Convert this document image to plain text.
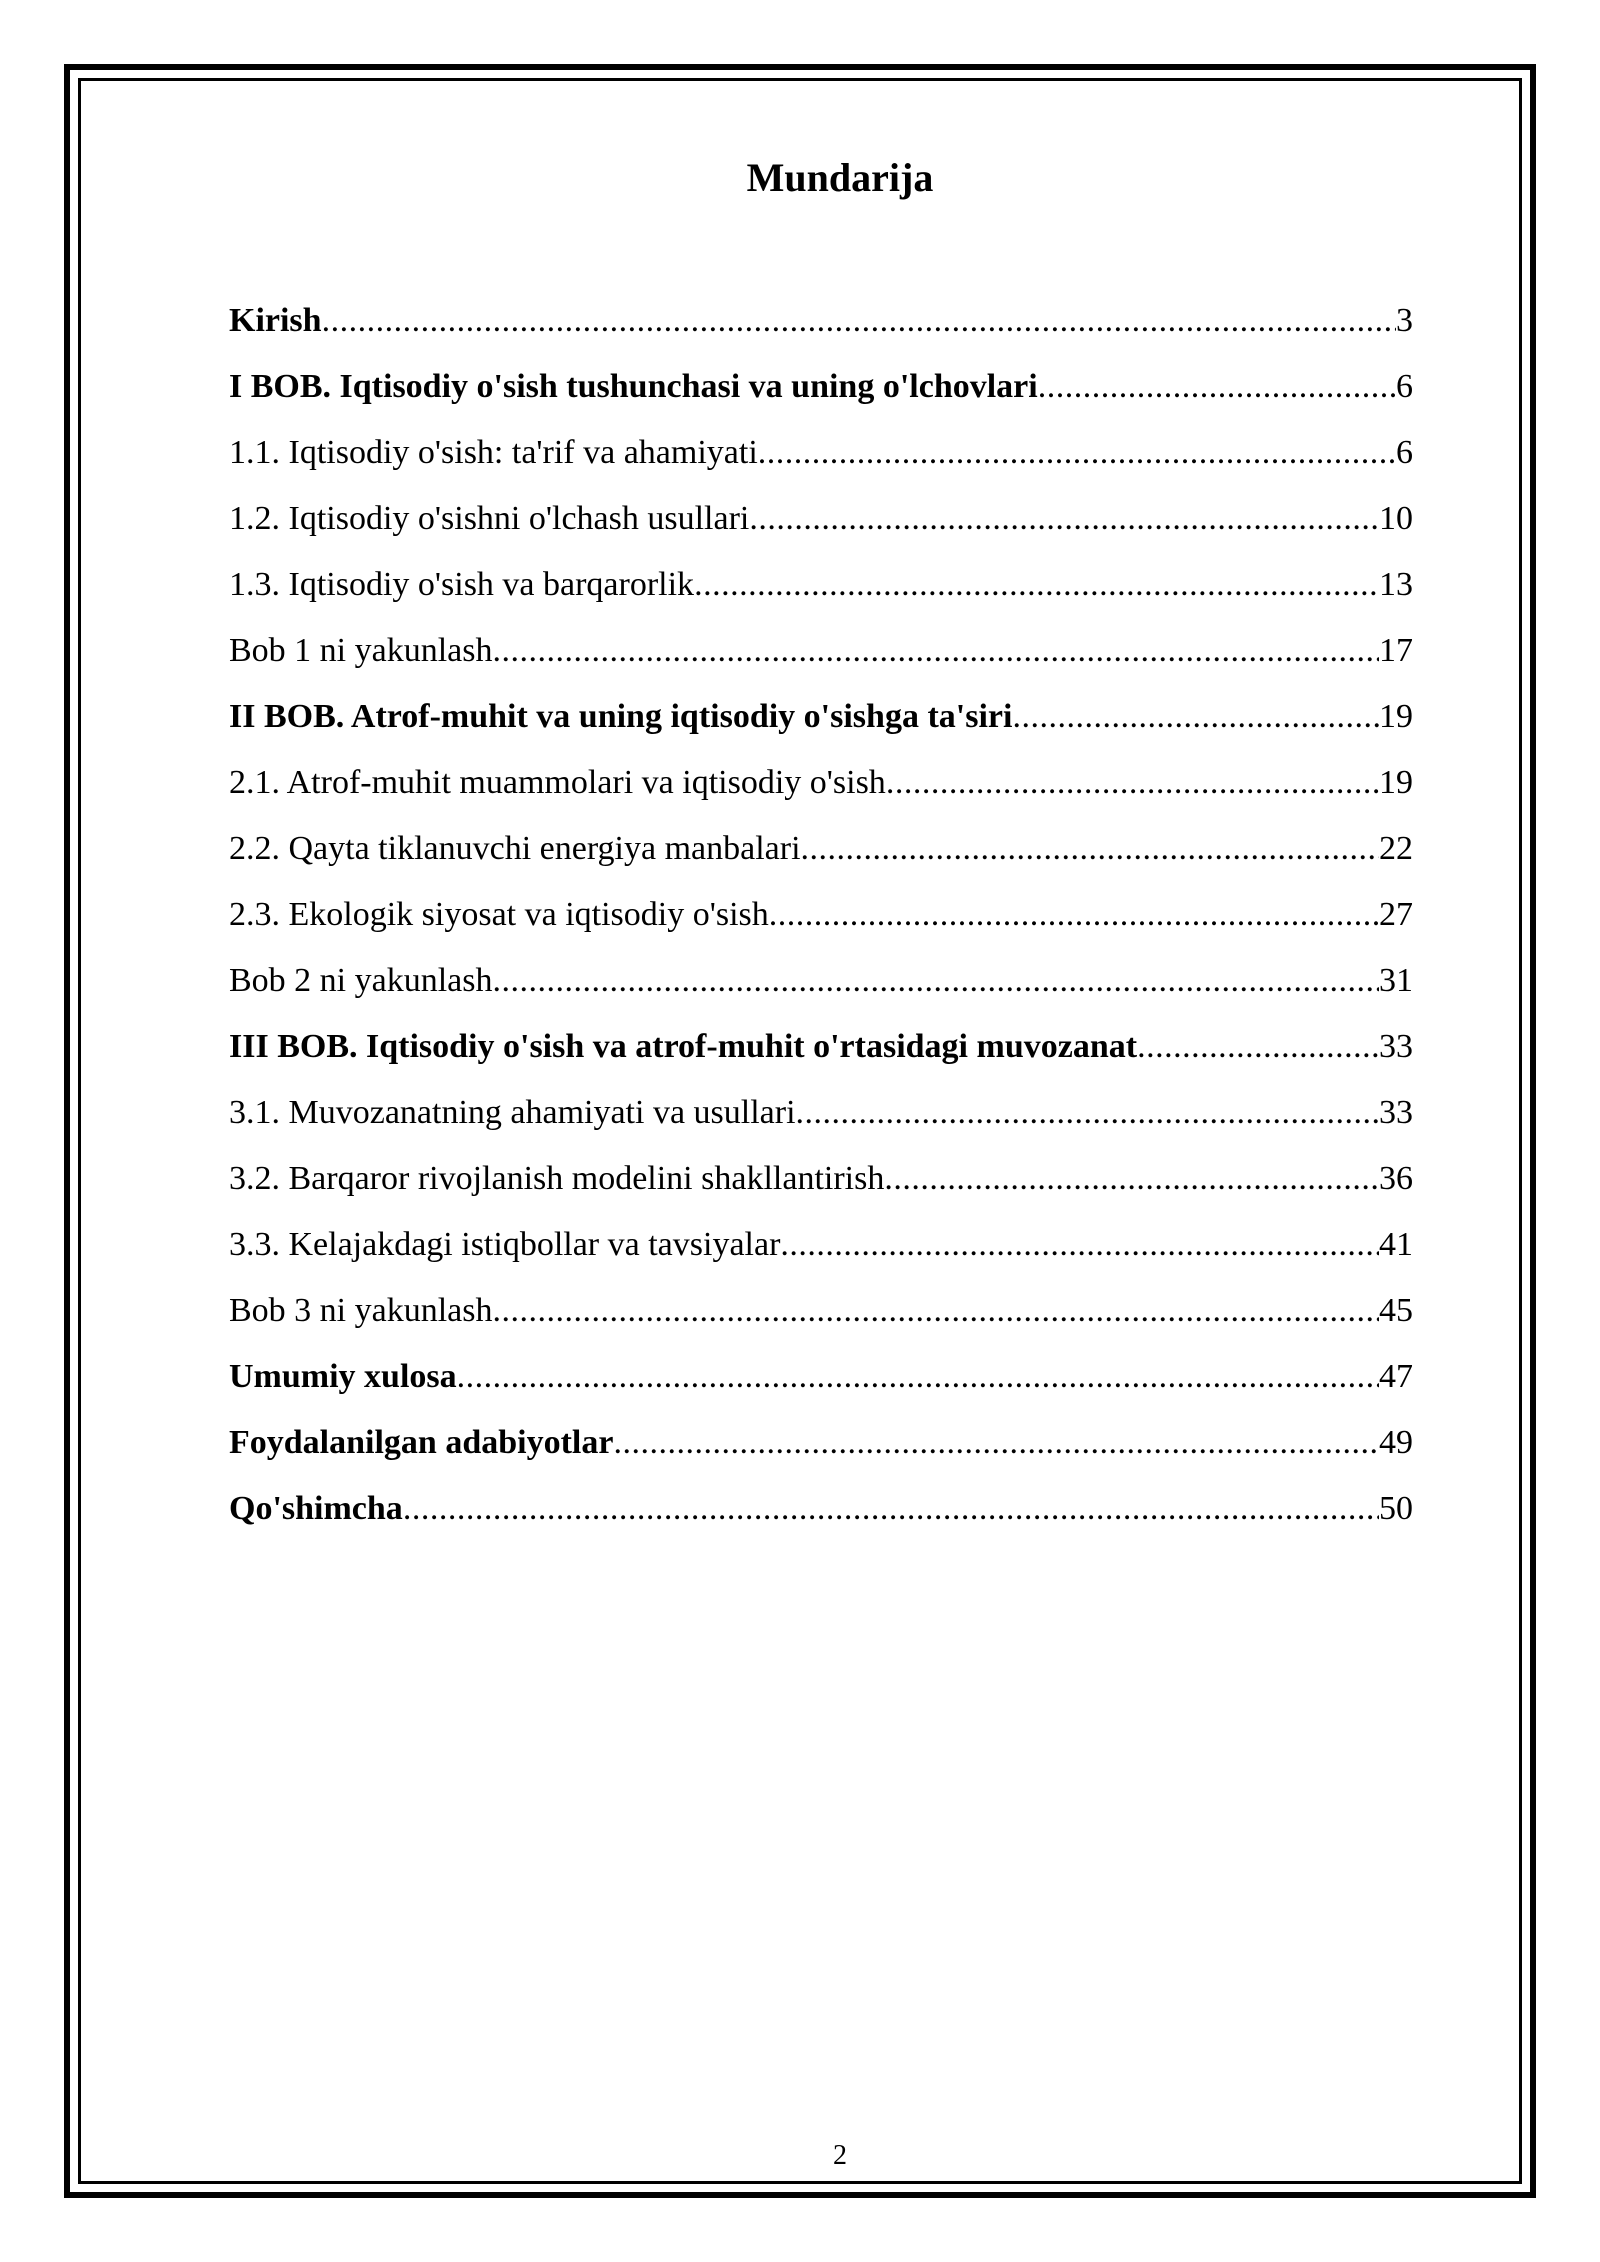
Mundarija
Kirish .....	3
I BOB. Iqtisodiy o'sish tushunchasi va uning o'lchovlari .....	6
1.1. Iqtisodiy o'sish: ta'rif va ahamiyati .....	6
1.2. Iqtisodiy o'sishni o'lchash usullari .....	10
1.3. Iqtisodiy o'sish va barqarorlik .....	13
Bob 1 ni yakunlash .....	17
II BOB. Atrof-muhit va uning iqtisodiy o'sishga ta'siri .....	19
2.1. Atrof-muhit muammolari va iqtisodiy o'sish .....	19
2.2. Qayta tiklanuvchi energiya manbalari .....	22
2.3. Ekologik siyosat va iqtisodiy o'sish .....	27
Bob 2 ni yakunlash .....	31
III BOB. Iqtisodiy o'sish va atrof-muhit o'rtasidagi muvozanat .....	33
3.1. Muvozanatning ahamiyati va usullari .....	33
3.2. Barqaror rivojlanish modelini shakllantirish .....	36
3.3. Kelajakdagi istiqbollar va tavsiyalar .....	41
Bob 3 ni yakunlash .....	45
Umumiy xulosa .....	47
Foydalanilgan adabiyotlar .....	49
Qo'shimcha .....	50
2
